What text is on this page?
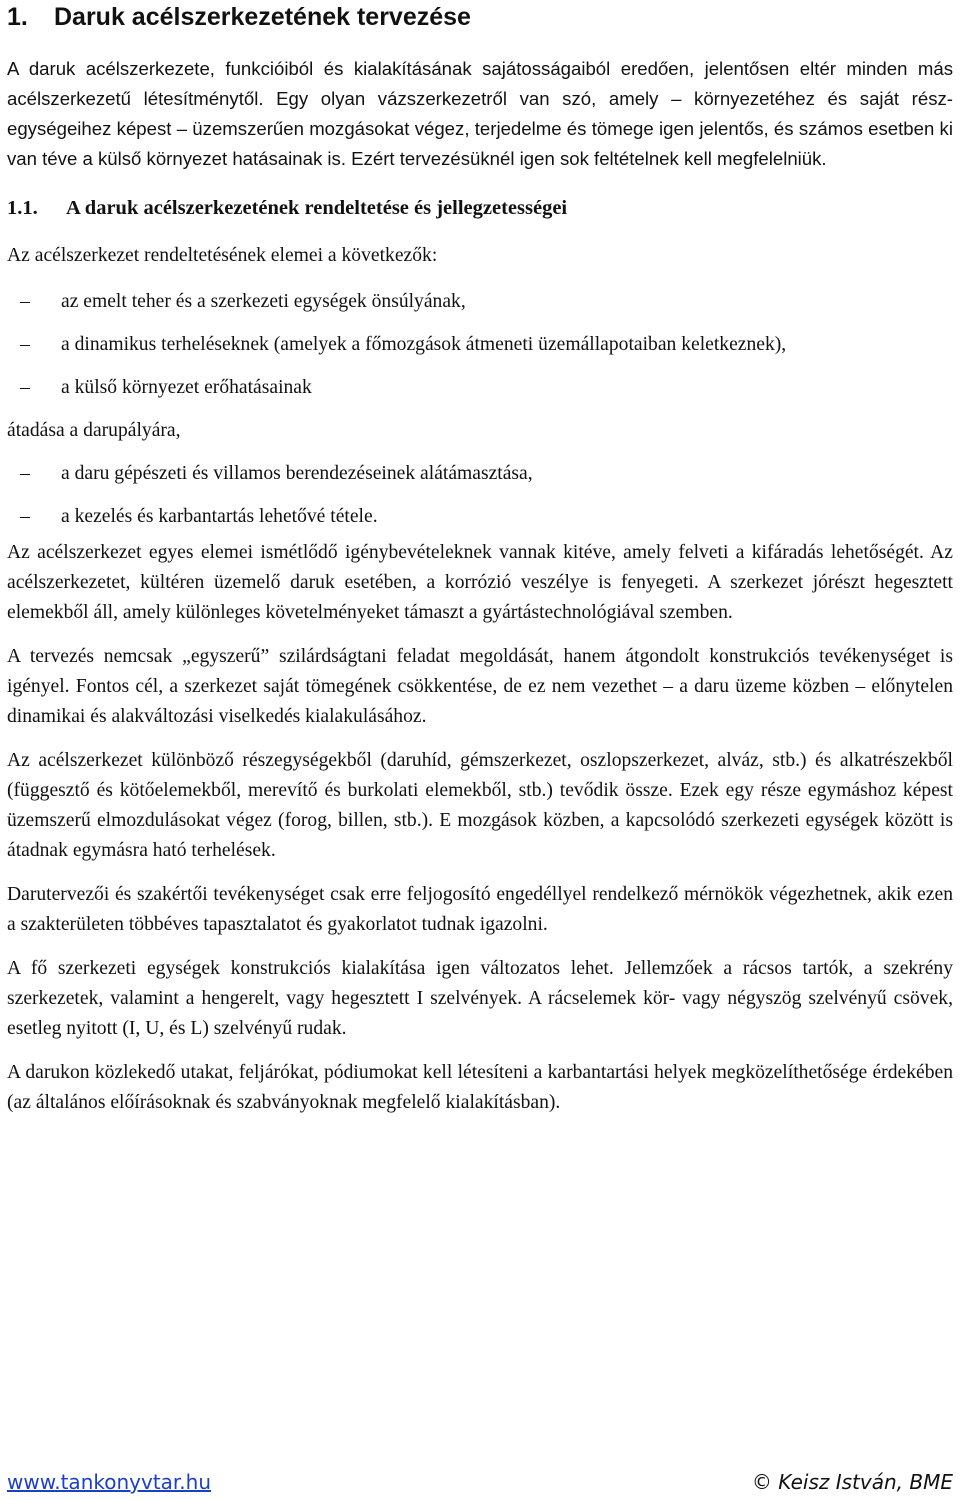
1. Daruk acélszerkezetének tervezése

A daruk acélszerkezete, funkcióiból és kialakításának sajátosságaiból eredően, jelentősen eltér minden más acélszerkezetű létesítménytől. Egy olyan vázszerkezetről van szó, amely – környezetéhez és saját rész-egységeihez képest – üzemszerűen mozgásokat végez, terjedelme és tömege igen jelentős, és számos esetben ki van téve a külső környezet hatásainak is. Ezért tervezésüknél igen sok feltételnek kell megfelelniük.

1.1. A daruk acélszerkezetének rendeltetése és jellegzetességei

Az acélszerkezet rendeltetésének elemei a következők:

–	az emelt teher és a szerkezeti egységek önsúlyának,
–	a dinamikus terheléseknek (amelyek a főmozgások átmeneti üzemállapotaiban keletkeznek),
–	a külső környezet erőhatásainak

átadása a darupályára,

–	a daru gépészeti és villamos berendezéseinek alátámasztása,
–	a kezelés és karbantartás lehetővé tétele.

Az acélszerkezet egyes elemei ismétlődő igénybevételeknek vannak kitéve, amely felveti a kifáradás lehetőségét. Az acélszerkezetet, kültéren üzemelő daruk esetében, a korrózió veszélye is fenyegeti. A szerkezet jórészt hegesztett elemekből áll, amely különleges követelményeket támaszt a gyártástechnológiával szemben.

A tervezés nemcsak „egyszerű” szilárdságtani feladat megoldását, hanem átgondolt konstrukciós tevékenységet is igényel. Fontos cél, a szerkezet saját tömegének csökkentése, de ez nem vezethet – a daru üzeme közben – előnytelen dinamikai és alakváltozási viselkedés kialakulásához.

Az acélszerkezet különböző részegységekből (daruhíd, gémszerkezet, oszlopszerkezet, alváz, stb.) és alkatrészekből (függesztő és kötőelemekből, merevítő és burkolati elemekből, stb.) tevődik össze. Ezek egy része egymáshoz képest üzemszerű elmozdulásokat végez (forog, billen, stb.). E mozgások közben, a kapcsolódó szerkezeti egységek között is átadnak egymásra ható terhelések.

Darutervezői és szakértői tevékenységet csak erre feljogosító engedéllyel rendelkező mérnökök végezhetnek, akik ezen a szakterületen többéves tapasztalatot és gyakorlatot tudnak igazolni.

A fő szerkezeti egységek konstrukciós kialakítása igen változatos lehet. Jellemzőek a rácsos tartók, a szekrény szerkezetek, valamint a hengerelt, vagy hegesztett I szelvények. A rácselemek kör- vagy négyszög szelvényű csövek, esetleg nyitott (I, U, és L) szelvényű rudak.

A darukon közlekedő utakat, feljárókat, pódiumokat kell létesíteni a karbantartási helyek megközelíthetősége érdekében (az általános előírásoknak és szabványoknak megfelelő kialakításban).

www.tankonyvtar.hu	© Keisz István, BME
